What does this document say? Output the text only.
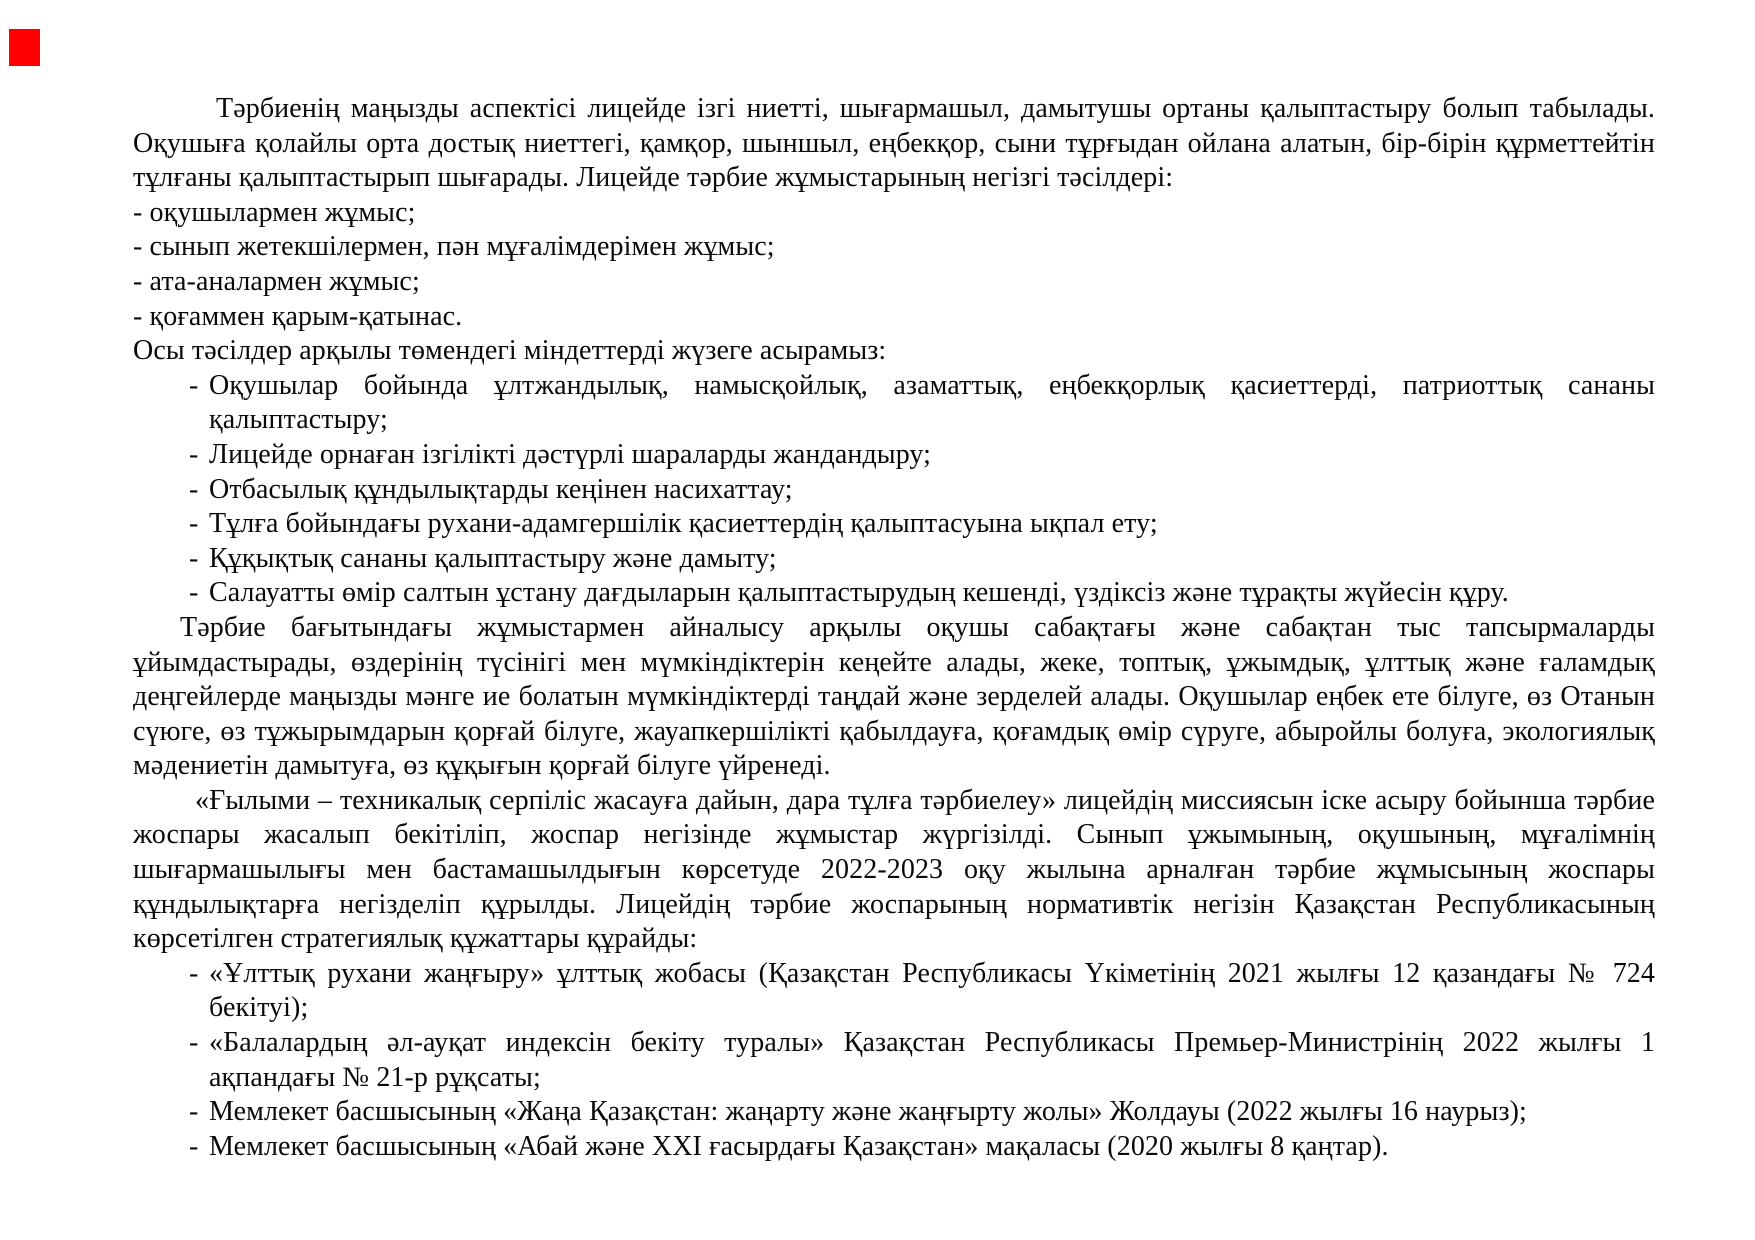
Тәрбиенің маңызды аспектісі лицейде ізгі ниетті, шығармашыл, дамытушы ортаны қалыптастыру болып табылады. Оқушыға қолайлы орта достық ниеттегі, қамқор, шыншыл, еңбекқор, сыни тұрғыдан ойлана алатын, бір-бірін құрметтейтін тұлғаны қалыптастырып шығарады. Лицейде тәрбие жұмыстарының негізгі тәсілдері:

- оқушылармен жұмыс;
- сынып жетекшілермен, пән мұғалімдерімен жұмыс;
- ата-аналармен жұмыс;
- қоғаммен қарым-қатынас.
Осы тәсілдер арқылы төмендегі міндеттерді жүзеге асырамыз:
- Оқушылар бойында ұлтжандылық, намысқойлық, азаматтық, еңбекқорлық қасиеттерді, патриоттық сананы қалыптастыру;
- Лицейде орнаған ізгілікті дәстүрлі шараларды жандандыру;
- Отбасылық құндылықтарды кеңінен насихаттау;
- Тұлға бойындағы рухани-адамгершілік қасиеттердің қалыптасуына ықпал ету;
- Құқықтық сананы қалыптастыру және дамыту;
- Салауатты өмір салтын ұстану дағдыларын қалыптастырудың кешенді, үздіксіз және тұрақты жүйесін құру.

Тәрбие бағытындағы жұмыстармен айналысу арқылы оқушы сабақтағы және сабақтан тыс тапсырмаларды ұйымдастырады, өздерінің түсінігі мен мүмкіндіктерін кеңейте алады, жеке, топтық, ұжымдық, ұлттық және ғаламдық деңгейлерде маңызды мәнге ие болатын мүмкіндіктерді таңдай және зерделей алады. Оқушылар еңбек ете білуге, өз Отанын сүюге, өз тұжырымдарын қорғай білуге, жауапкершілікті қабылдауға, қоғамдық өмір сүруге, абыройлы болуға, экологиялық мәдениетін дамытуға, өз құқығын қорғай білуге үйренеді.

«Ғылыми – техникалық серпіліс жасауға дайын, дара тұлға тәрбиелеу» лицейдің миссиясын іске асыру бойынша тәрбие жоспары жасалып бекітіліп, жоспар негізінде жұмыстар жүргізілді. Сынып ұжымының, оқушының, мұғалімнің шығармашылығы мен бастамашылдығын көрсетуде 2022-2023 оқу жылына арналған тәрбие жұмысының жоспары құндылықтарға негізделіп құрылды. Лицейдің тәрбие жоспарының нормативтік негізін Қазақстан Республикасының көрсетілген стратегиялық құжаттары құрайды:

- «Ұлттық рухани жаңғыру» ұлттық жобасы (Қазақстан Республикасы Үкіметінің 2021 жылғы 12 қазандағы № 724 бекітуі);
- «Балалардың әл-ауқат индексін бекіту туралы» Қазақстан Республикасы Премьер-Министрінің 2022 жылғы 1 ақпандағы № 21-р рұқсаты;
- Мемлекет басшысының «Жаңа Қазақстан: жаңарту және жаңғырту жолы» Жолдауы (2022 жылғы 16 наурыз);
- Мемлекет басшысының «Абай және ХХІ ғасырдағы Қазақстан» мақаласы (2020 жылғы 8 қаңтар).
